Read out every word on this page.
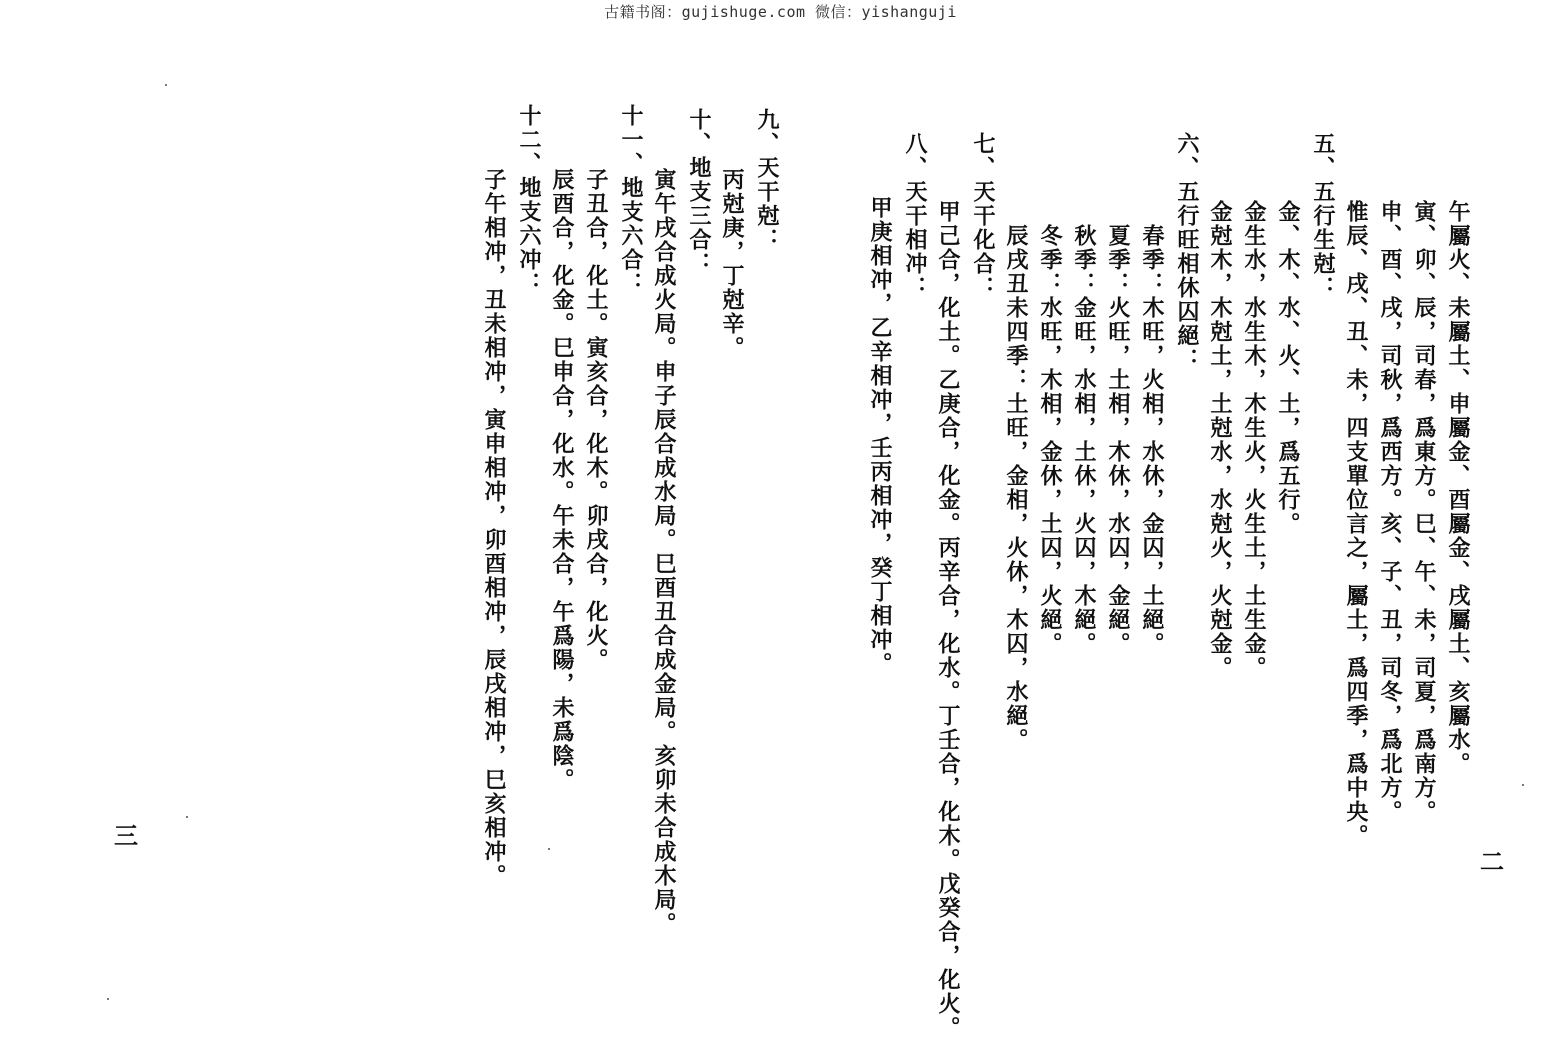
古籍书阁：gujishuge.com 微信：yishanguji
午屬火、未屬土、申屬金、酉屬金、戌屬土、亥屬水。
寅、卯、辰，司春，爲東方。巳、午、未，司夏，爲南方。
申、酉、戌，司秋，爲西方。亥、子、丑，司冬，爲北方。
惟辰、戌、丑、未，四支單位言之，屬土，爲四季，爲中央。
五、五行生尅：
金、木、水、火、土，爲五行。
金生水，水生木，木生火，火生土，土生金。
金尅木，木尅土，土尅水，水尅火，火尅金。
六、五行旺相休囚絕：
春季：木旺，火相，水休，金囚，土絕。
夏季：火旺，土相，木休，水囚，金絕。
秋季：金旺，水相，土休，火囚，木絕。
冬季：水旺，木相，金休，土囚，火絕。
辰戌丑未四季：土旺，金相，火休，木囚，水絕。
七、天干化合：
甲己合，化土。乙庚合，化金。丙辛合，化水。丁壬合，化木。戊癸合，化火。
八、天干相冲：
甲庚相冲，乙辛相冲，壬丙相冲，癸丁相冲。
二
九、天干尅：
丙尅庚，丁尅辛。
十、地支三合：
寅午戌合成火局。申子辰合成水局。巳酉丑合成金局。亥卯未合成木局。
十一、地支六合：
子丑合，化土。寅亥合，化木。卯戌合，化火。
辰酉合，化金。巳申合，化水。午未合，午爲陽，未爲陰。
十二、地支六冲：
子午相冲，丑未相冲，寅申相冲，卯酉相冲，辰戌相冲，巳亥相冲。
三
